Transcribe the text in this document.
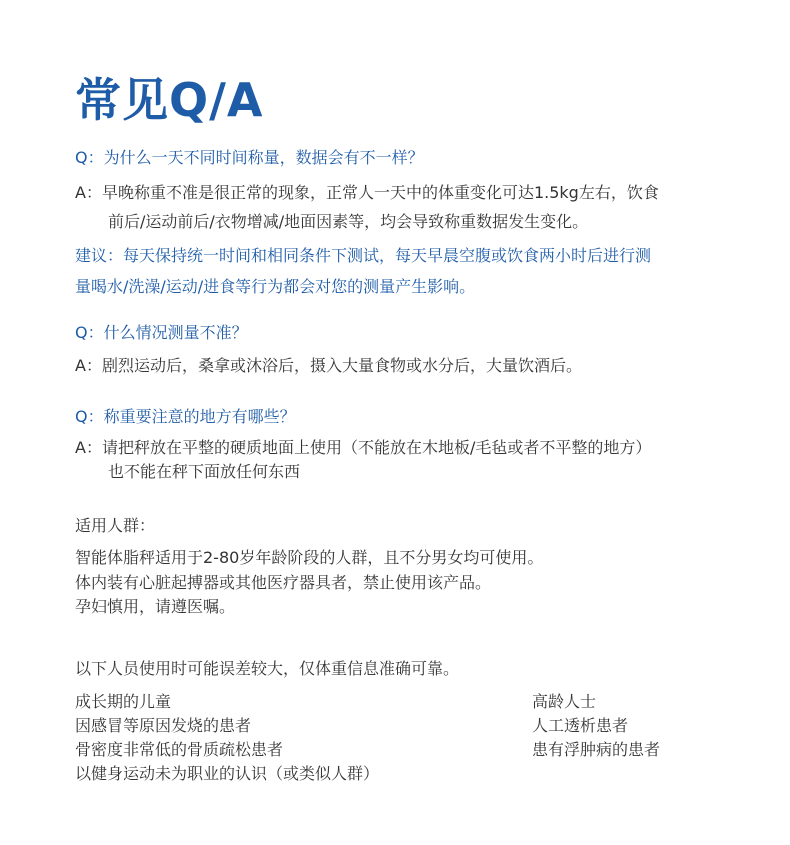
常见Q/A
Q：为什么一天不同时间称量，数据会有不一样？
A：早晚称重不准是很正常的现象，正常人一天中的体重变化可达1.5kg左右，饮食
前后/运动前后/衣物增减/地面因素等，均会导致称重数据发生变化。
建议：每天保持统一时间和相同条件下测试，每天早晨空腹或饮食两小时后进行测
量喝水/洗澡/运动/进食等行为都会对您的测量产生影响。
Q：什么情况测量不准？
A：剧烈运动后，桑拿或沐浴后，摄入大量食物或水分后，大量饮酒后。
Q：称重要注意的地方有哪些？
A：请把秤放在平整的硬质地面上使用（不能放在木地板/毛毡或者不平整的地方）
也不能在秤下面放任何东西
适用人群：
智能体脂秤适用于2-80岁年龄阶段的人群，且不分男女均可使用。
体内装有心脏起搏器或其他医疗器具者，禁止使用该产品。
孕妇慎用，请遵医嘱。
以下人员使用时可能误差较大，仅体重信息准确可靠。
成长期的儿童
因感冒等原因发烧的患者
骨密度非常低的骨质疏松患者
以健身运动未为职业的认识（或类似人群）
高龄人士
人工透析患者
患有浮肿病的患者
